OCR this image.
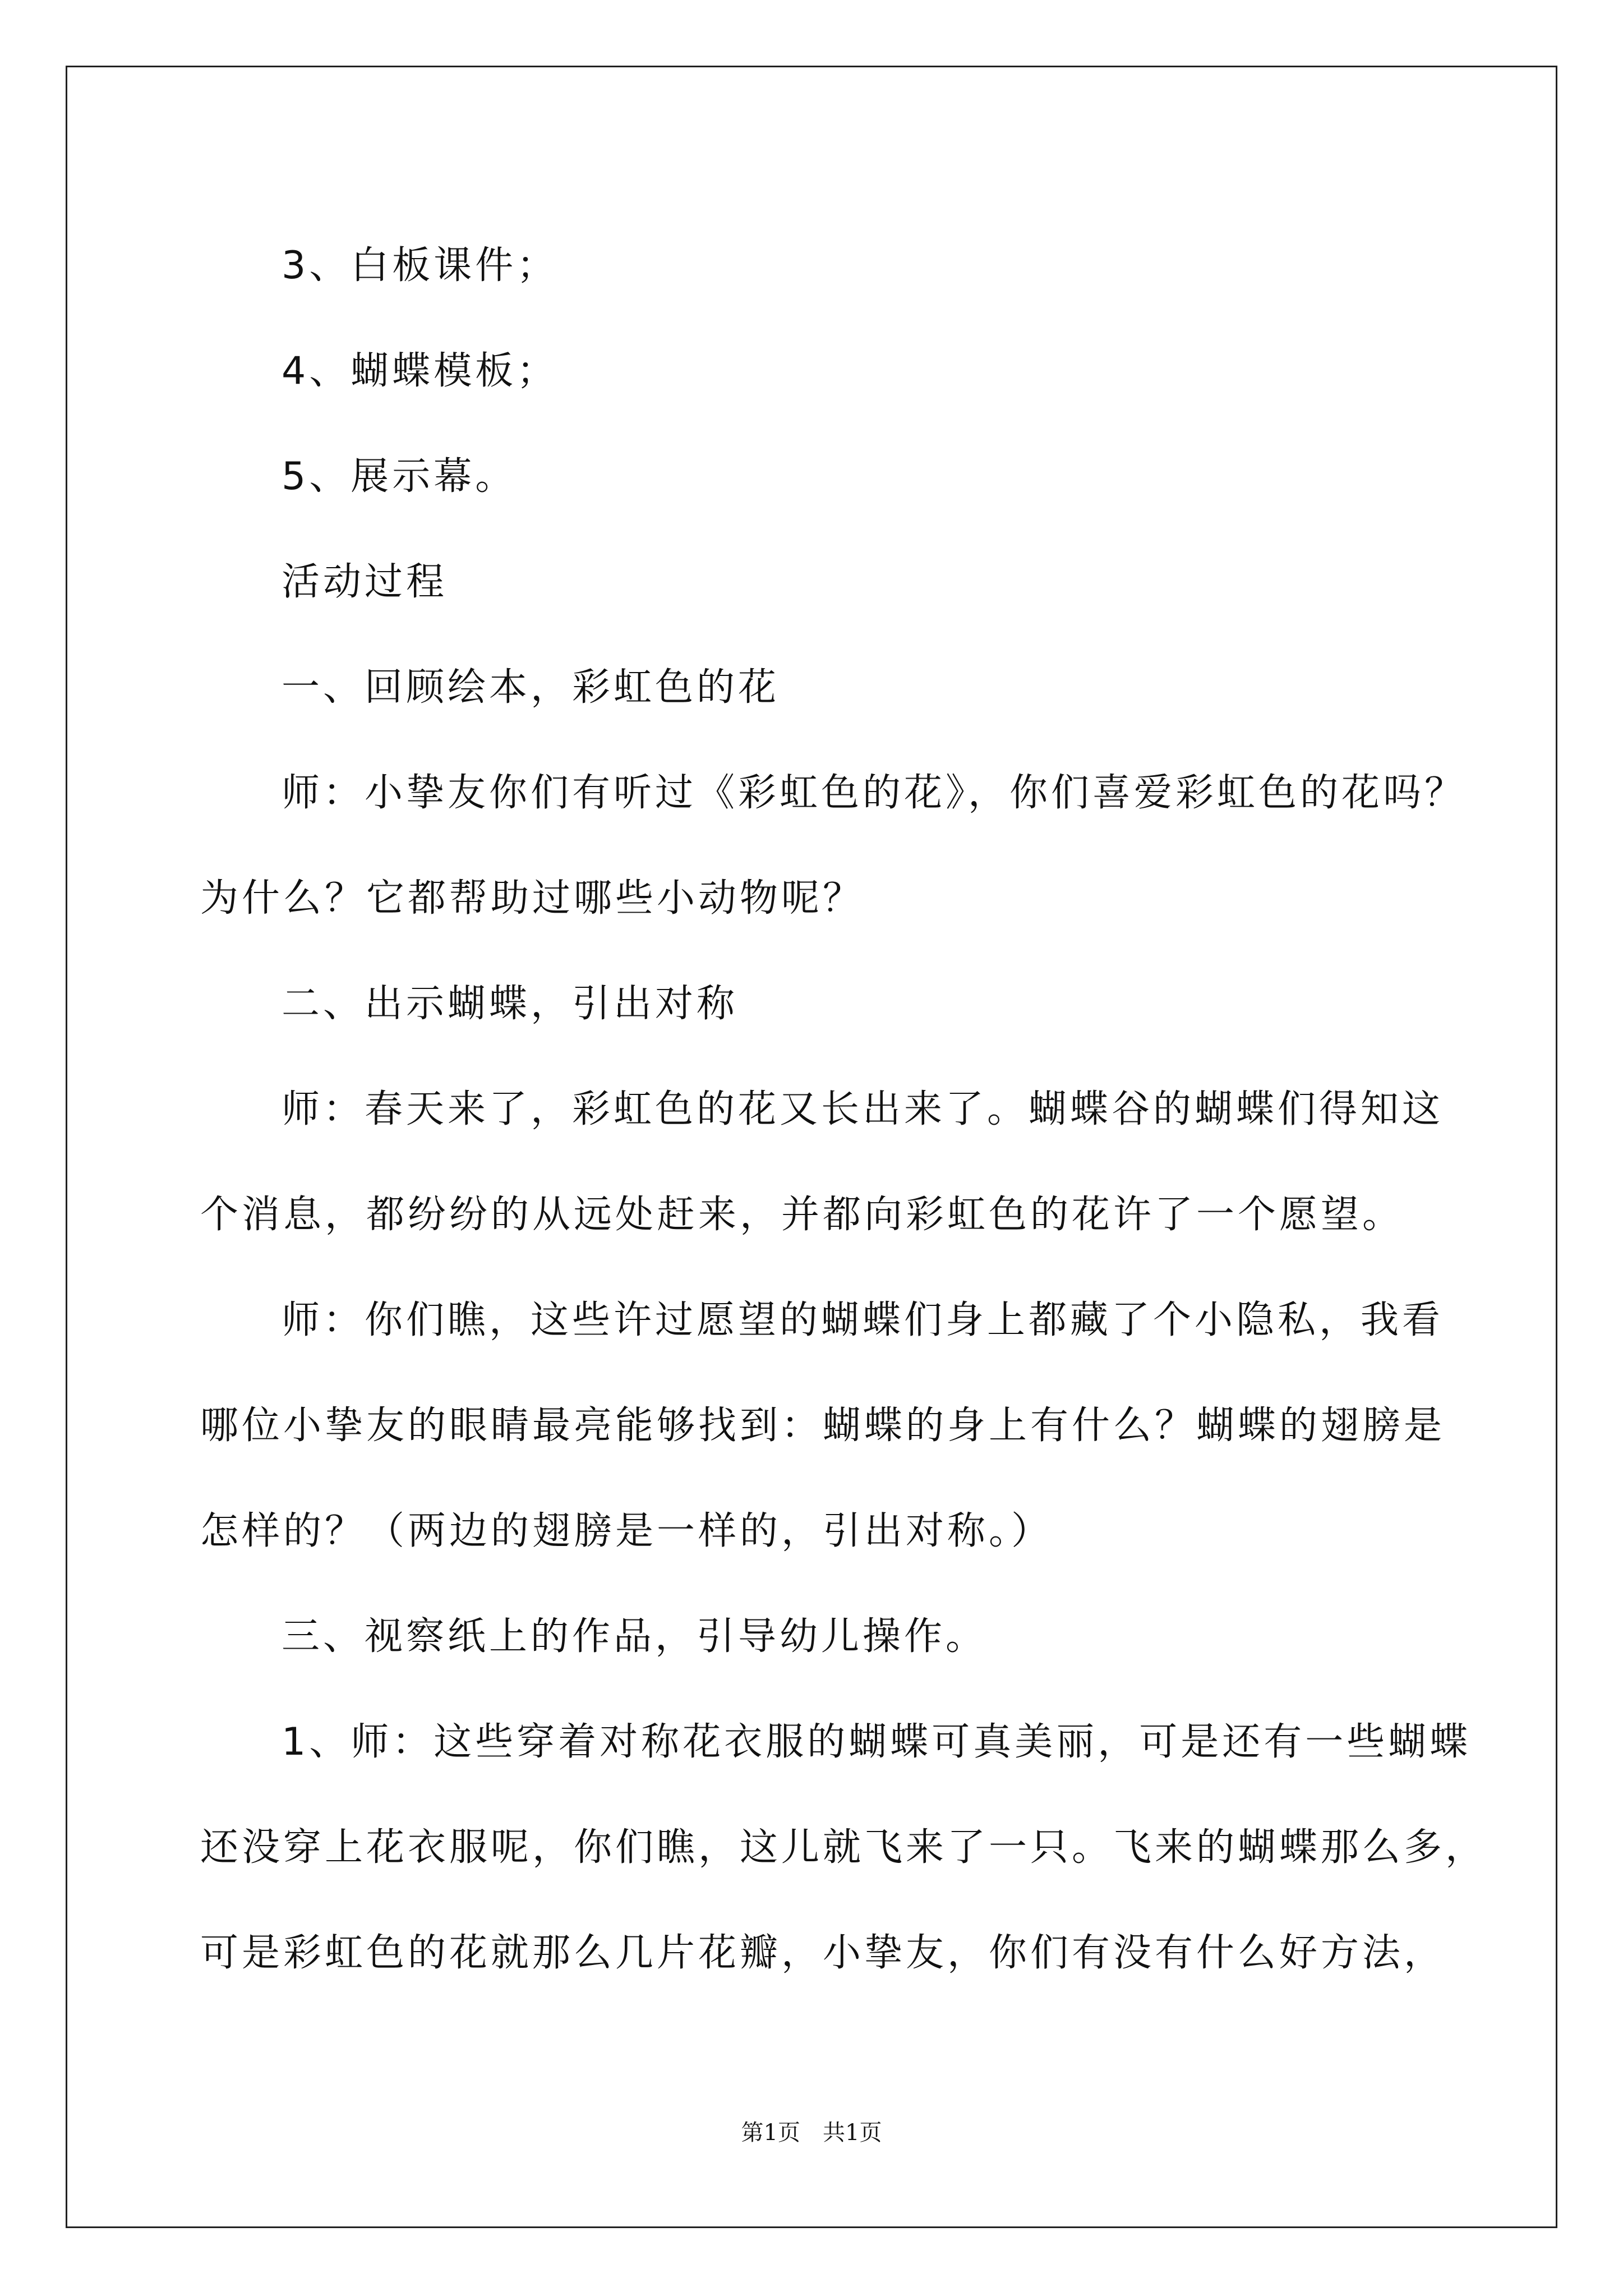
3、白板课件；

4、蝴蝶模板；

5、展示幕。

活动过程

一、回顾绘本，彩虹色的花

师：小挚友你们有听过《彩虹色的花》，你们喜爱彩虹色的花吗？

为什么？它都帮助过哪些小动物呢？

二、出示蝴蝶，引出对称

师：春天来了，彩虹色的花又长出来了。蝴蝶谷的蝴蝶们得知这

个消息，都纷纷的从远处赶来，并都向彩虹色的花许了一个愿望。

师：你们瞧，这些许过愿望的蝴蝶们身上都藏了个小隐私，我看

哪位小挚友的眼睛最亮能够找到：蝴蝶的身上有什么？蝴蝶的翅膀是

怎样的？（两边的翅膀是一样的，引出对称。）

三、视察纸上的作品，引导幼儿操作。

1、师：这些穿着对称花衣服的蝴蝶可真美丽，可是还有一些蝴蝶

还没穿上花衣服呢，你们瞧，这儿就飞来了一只。飞来的蝴蝶那么多，

可是彩虹色的花就那么几片花瓣，小挚友，你们有没有什么好方法，

第1页 共1页
